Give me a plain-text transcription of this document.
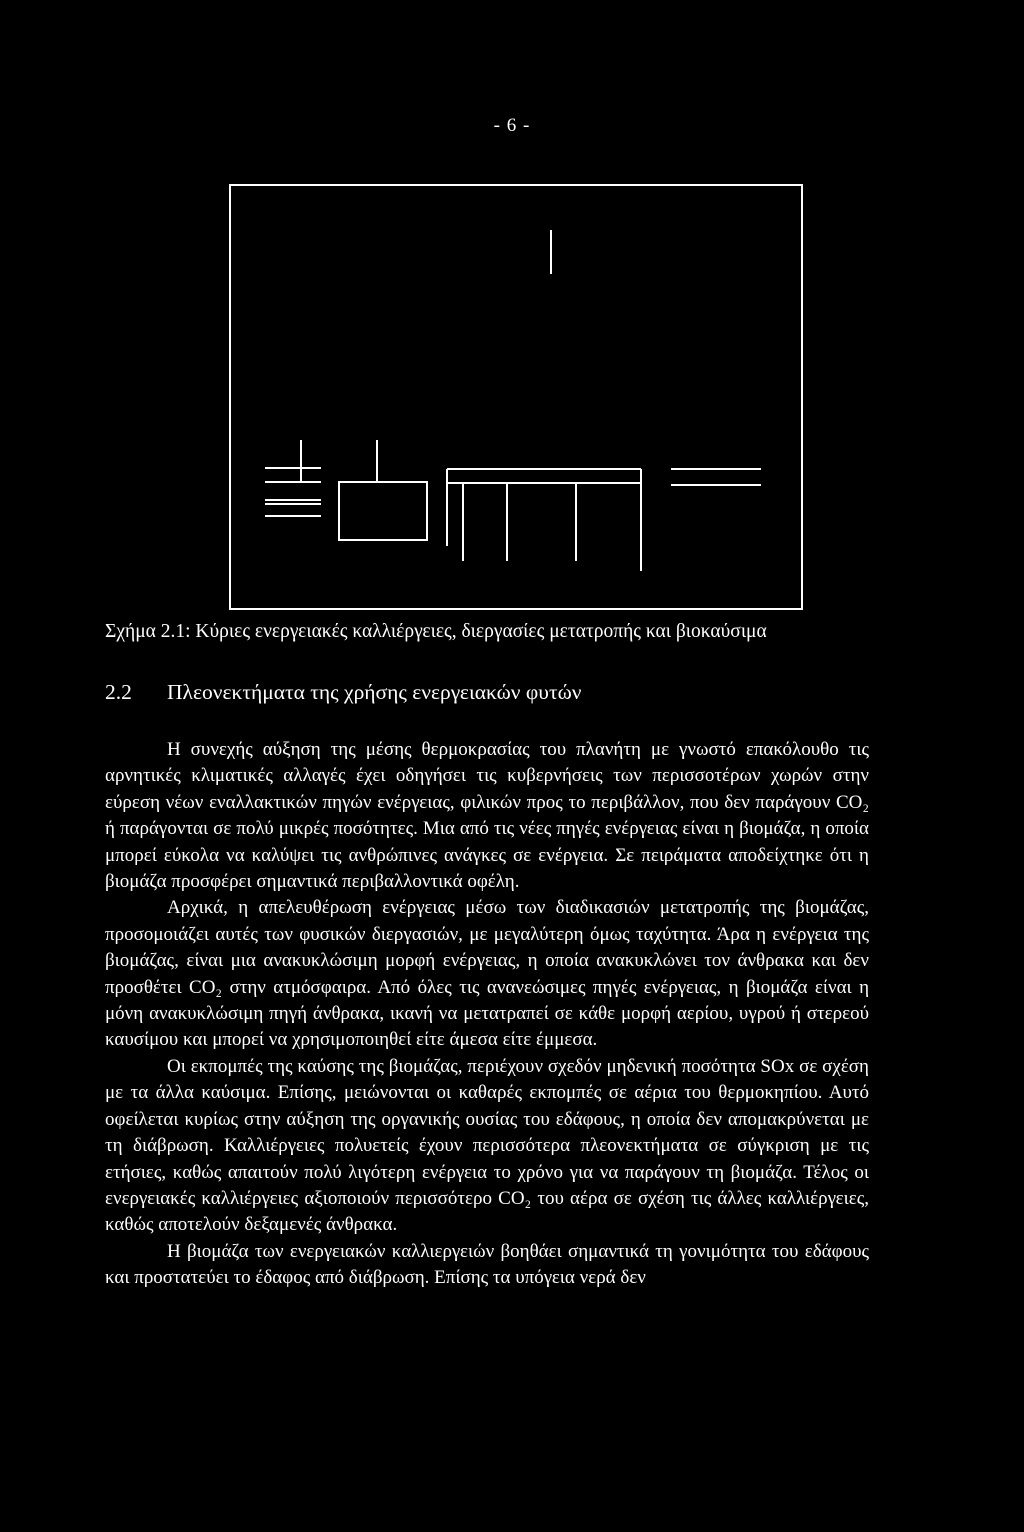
- 6 -
Σχήμα 2.1: Κύριες ενεργειακές καλλιέργειες, διεργασίες μετατροπής και βιοκαύσιμα
2.2 Πλεονεκτήματα της χρήσης ενεργειακών φυτών

Η συνεχής αύξηση της μέσης θερμοκρασίας του πλανήτη με γνωστό επακόλουθο τις αρνητικές κλιματικές αλλαγές έχει οδηγήσει τις κυβερνήσεις των περισσοτέρων χωρών στην εύρεση νέων εναλλακτικών πηγών ενέργειας, φιλικών προς το περιβάλλον, που δεν παράγουν CO₂ ή παράγονται σε πολύ μικρές ποσότητες. Μια από τις νέες πηγές ενέργειας είναι η βιομάζα, η οποία μπορεί εύκολα να καλύψει τις ανθρώπινες ανάγκες σε ενέργεια. Σε πειράματα αποδείχτηκε ότι η βιομάζα προσφέρει σημαντικά περιβαλλοντικά οφέλη.

Αρχικά, η απελευθέρωση ενέργειας μέσω των διαδικασιών μετατροπής της βιομάζας, προσομοιάζει αυτές των φυσικών διεργασιών, με μεγαλύτερη όμως ταχύτητα. Άρα η ενέργεια της βιομάζας, είναι μια ανακυκλώσιμη μορφή ενέργειας, η οποία ανακυκλώνει τον άνθρακα και δεν προσθέτει CO₂ στην ατμόσφαιρα. Από όλες τις ανανεώσιμες πηγές ενέργειας, η βιομάζα είναι η μόνη ανακυκλώσιμη πηγή άνθρακα, ικανή να μετατραπεί σε κάθε μορφή αερίου, υγρού ή στερεού καυσίμου και μπορεί να χρησιμοποιηθεί είτε άμεσα είτε έμμεσα.

Οι εκπομπές της καύσης της βιομάζας, περιέχουν σχεδόν μηδενική ποσότητα SOx σε σχέση με τα άλλα καύσιμα. Επίσης, μειώνονται οι καθαρές εκπομπές σε αέρια του θερμοκηπίου. Αυτό οφείλεται κυρίως στην αύξηση της οργανικής ουσίας του εδάφους, η οποία δεν απομακρύνεται με τη διάβρωση. Καλλιέργειες πολυετείς έχουν περισσότερα πλεονεκτήματα σε σύγκριση με τις ετήσιες, καθώς απαιτούν πολύ λιγότερη ενέργεια το χρόνο για να παράγουν τη βιομάζα. Τέλος οι ενεργειακές καλλιέργειες αξιοποιούν περισσότερο CO₂ του αέρα σε σχέση τις άλλες καλλιέργειες, καθώς αποτελούν δεξαμενές άνθρακα.

Η βιομάζα των ενεργειακών καλλιεργειών βοηθάει σημαντικά τη γονιμότητα του εδάφους και προστατεύει το έδαφος από διάβρωση. Επίσης τα υπόγεια νερά δεν
